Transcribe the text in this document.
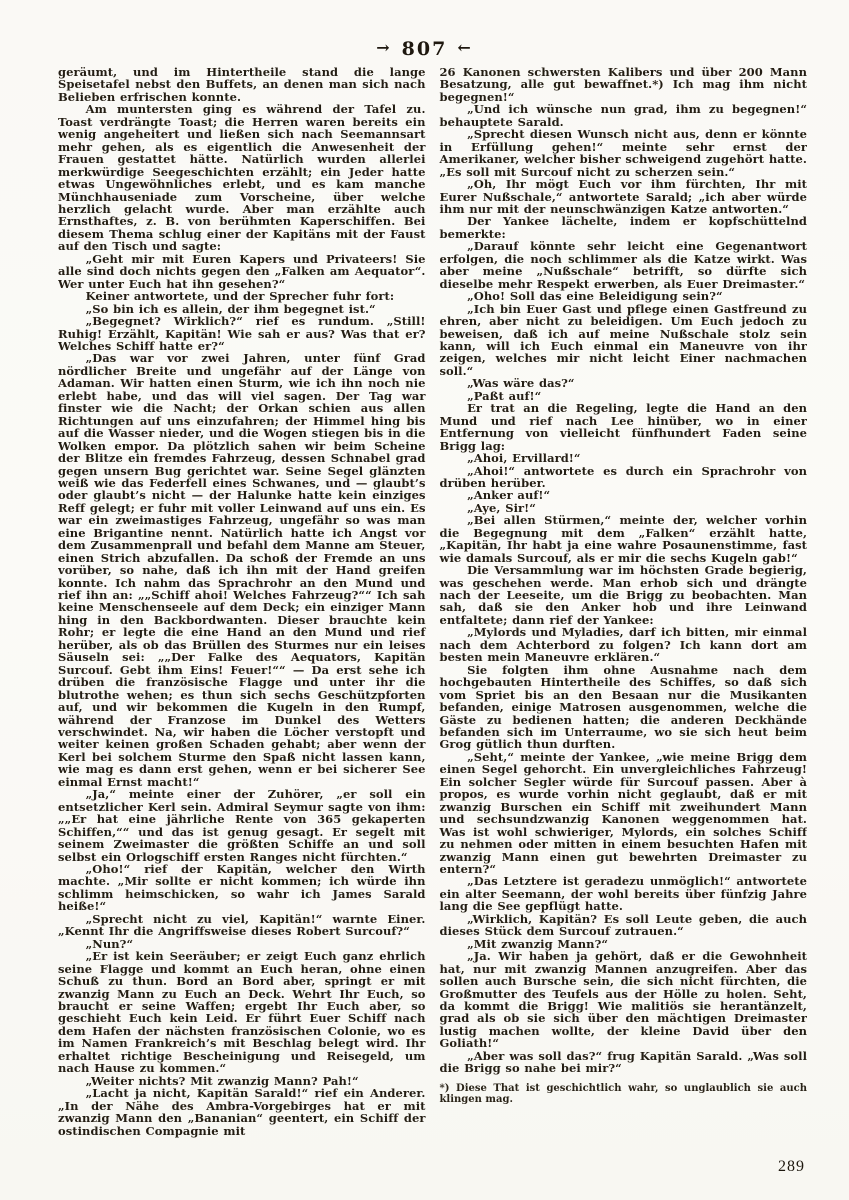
→ 807 ←

geräumt, und im Hintertheile stand die lange Speisetafel nebst den Buffets, an denen man sich nach Belieben erfrischen konnte.

Am muntersten ging es während der Tafel zu. Toast verdrängte Toast; die Herren waren bereits ein wenig angeheitert und ließen sich nach Seemannsart mehr gehen, als es eigentlich die Anwesenheit der Frauen gestattet hätte. Natürlich wurden allerlei merkwürdige Seegeschichten erzählt; ein Jeder hatte etwas Ungewöhnliches erlebt, und es kam manche Münchhauseniade zum Vorscheine, über welche herzlich gelacht wurde. Aber man erzählte auch Ernsthaftes, z. B. von berühmten Kaperschiffen. Bei diesem Thema schlug einer der Kapitäns mit der Faust auf den Tisch und sagte:

„Geht mir mit Euren Kapers und Privateers! Sie alle sind doch nichts gegen den „Falken am Aequator“. Wer unter Euch hat ihn gesehen?“

Keiner antwortete, und der Sprecher fuhr fort:

„So bin ich es allein, der ihm begegnet ist.“

„Begegnet? Wirklich?“ rief es rundum. „Still! Ruhig! Erzählt, Kapitän! Wie sah er aus? Was that er? Welches Schiff hatte er?“

„Das war vor zwei Jahren, unter fünf Grad nördlicher Breite und ungefähr auf der Länge von Adaman. Wir hatten einen Sturm, wie ich ihn noch nie erlebt habe, und das will viel sagen. Der Tag war finster wie die Nacht; der Orkan schien aus allen Richtungen auf uns einzufahren; der Himmel hing bis auf die Wasser nieder, und die Wogen stiegen bis in die Wolken empor. Da plötzlich sahen wir beim Scheine der Blitze ein fremdes Fahrzeug, dessen Schnabel grad gegen unsern Bug gerichtet war. Seine Segel glänzten weiß wie das Federfell eines Schwanes, und — glaubt’s oder glaubt’s nicht — der Halunke hatte kein einziges Reff gelegt; er fuhr mit voller Leinwand auf uns ein. Es war ein zweimastiges Fahrzeug, ungefähr so was man eine Brigantine nennt. Natürlich hatte ich Angst vor dem Zusammenprall und befahl dem Manne am Steuer, einen Strich abzufallen. Da schoß der Fremde an uns vorüber, so nahe, daß ich ihn mit der Hand greifen konnte. Ich nahm das Sprachrohr an den Mund und rief ihn an: „„Schiff ahoi! Welches Fahrzeug?““ Ich sah keine Menschenseele auf dem Deck; ein einziger Mann hing in den Backbordwanten. Dieser brauchte kein Rohr; er legte die eine Hand an den Mund und rief herüber, als ob das Brüllen des Sturmes nur ein leises Säuseln sei: „„Der Falke des Aequators, Kapitän Surcouf. Gebt ihm Eins! Feuer!““ — Da erst sehe ich drüben die französische Flagge und unter ihr die blutrothe wehen; es thun sich sechs Geschützpforten auf, und wir bekommen die Kugeln in den Rumpf, während der Franzose im Dunkel des Wetters verschwindet. Na, wir haben die Löcher verstopft und weiter keinen großen Schaden gehabt; aber wenn der Kerl bei solchem Sturme den Spaß nicht lassen kann, wie mag es dann erst gehen, wenn er bei sicherer See einmal Ernst macht!“

„Ja,“ meinte einer der Zuhörer, „er soll ein entsetzlicher Kerl sein. Admiral Seymur sagte von ihm: „„Er hat eine jährliche Rente von 365 gekaperten Schiffen,““ und das ist genug gesagt. Er segelt mit seinem Zweimaster die größten Schiffe an und soll selbst ein Orlogschiff ersten Ranges nicht fürchten.“

„Oho!“ rief der Kapitän, welcher den Wirth machte. „Mir sollte er nicht kommen; ich würde ihn schlimm heimschicken, so wahr ich James Sarald heiße!“

„Sprecht nicht zu viel, Kapitän!“ warnte Einer. „Kennt Ihr die Angriffsweise dieses Robert Surcouf?“

„Nun?“

„Er ist kein Seeräuber; er zeigt Euch ganz ehrlich seine Flagge und kommt an Euch heran, ohne einen Schuß zu thun. Bord an Bord aber, springt er mit zwanzig Mann zu Euch an Deck. Wehrt Ihr Euch, so braucht er seine Waffen; ergebt Ihr Euch aber, so geschieht Euch kein Leid. Er führt Euer Schiff nach dem Hafen der nächsten französischen Colonie, wo es im Namen Frankreich’s mit Beschlag belegt wird. Ihr erhaltet richtige Bescheinigung und Reisegeld, um nach Hause zu kommen.“

„Weiter nichts? Mit zwanzig Mann? Pah!“

„Lacht ja nicht, Kapitän Sarald!“ rief ein Anderer. „In der Nähe des Ambra-Vorgebirges hat er mit zwanzig Mann den „Bananian“ geentert, ein Schiff der ostindischen Compagnie mit

26 Kanonen schwersten Kalibers und über 200 Mann Besatzung, alle gut bewaffnet.*) Ich mag ihm nicht begegnen!“

„Und ich wünsche nun grad, ihm zu begegnen!“ behauptete Sarald.

„Sprecht diesen Wunsch nicht aus, denn er könnte in Erfüllung gehen!“ meinte sehr ernst der Amerikaner, welcher bisher schweigend zugehört hatte. „Es soll mit Surcouf nicht zu scherzen sein.“

„Oh, Ihr mögt Euch vor ihm fürchten, Ihr mit Eurer Nußschale,“ antwortete Sarald; „ich aber würde ihm nur mit der neunschwänzigen Katze antworten.“

Der Yankee lächelte, indem er kopfschüttelnd bemerkte:

„Darauf könnte sehr leicht eine Gegenantwort erfolgen, die noch schlimmer als die Katze wirkt. Was aber meine „Nußschale“ betrifft, so dürfte sich dieselbe mehr Respekt erwerben, als Euer Dreimaster.“

„Oho! Soll das eine Beleidigung sein?“

„Ich bin Euer Gast und pflege einen Gastfreund zu ehren, aber nicht zu beleidigen. Um Euch jedoch zu beweisen, daß ich auf meine Nußschale stolz sein kann, will ich Euch einmal ein Maneuvre von ihr zeigen, welches mir nicht leicht Einer nachmachen soll.“

„Was wäre das?“

„Paßt auf!“

Er trat an die Regeling, legte die Hand an den Mund und rief nach Lee hinüber, wo in einer Entfernung von vielleicht fünfhundert Faden seine Brigg lag:

„Ahoi, Ervillard!“

„Ahoi!“ antwortete es durch ein Sprachrohr von drüben herüber.

„Anker auf!“

„Aye, Sir!“

„Bei allen Stürmen,“ meinte der, welcher vorhin die Begegnung mit dem „Falken“ erzählt hatte, „Kapitän, Ihr habt ja eine wahre Posaunenstimme, fast wie damals Surcouf, als er mir die sechs Kugeln gab!“

Die Versammlung war im höchsten Grade begierig, was geschehen werde. Man erhob sich und drängte nach der Leeseite, um die Brigg zu beobachten. Man sah, daß sie den Anker hob und ihre Leinwand entfaltete; dann rief der Yankee:

„Mylords und Myladies, darf ich bitten, mir einmal nach dem Achterbord zu folgen? Ich kann dort am besten mein Maneuvre erklären.“

Sie folgten ihm ohne Ausnahme nach dem hochgebauten Hintertheile des Schiffes, so daß sich vom Spriet bis an den Besaan nur die Musikanten befanden, einige Matrosen ausgenommen, welche die Gäste zu bedienen hatten; die anderen Deckhände befanden sich im Unterraume, wo sie sich heut beim Grog gütlich thun durften.

„Seht,“ meinte der Yankee, „wie meine Brigg dem einen Segel gehorcht. Ein unvergleichliches Fahrzeug! Ein solcher Segler würde für Surcouf passen. Aber à propos, es wurde vorhin nicht geglaubt, daß er mit zwanzig Burschen ein Schiff mit zweihundert Mann und sechsundzwanzig Kanonen weggenommen hat. Was ist wohl schwieriger, Mylords, ein solches Schiff zu nehmen oder mitten in einem besuchten Hafen mit zwanzig Mann einen gut bewehrten Dreimaster zu entern?“

„Das Letztere ist geradezu unmöglich!“ antwortete ein alter Seemann, der wohl bereits über fünfzig Jahre lang die See gepflügt hatte.

„Wirklich, Kapitän? Es soll Leute geben, die auch dieses Stück dem Surcouf zutrauen.“

„Mit zwanzig Mann?“

„Ja. Wir haben ja gehört, daß er die Gewohnheit hat, nur mit zwanzig Mannen anzugreifen. Aber das sollen auch Bursche sein, die sich nicht fürchten, die Großmutter des Teufels aus der Hölle zu holen. Seht, da kommt die Brigg! Wie malitiös sie herantänzelt, grad als ob sie sich über den mächtigen Dreimaster lustig machen wollte, der kleine David über den Goliath!“

„Aber was soll das?“ frug Kapitän Sarald. „Was soll die Brigg so nahe bei mir?“

*) Diese That ist geschichtlich wahr, so unglaublich sie auch klingen mag.

289
